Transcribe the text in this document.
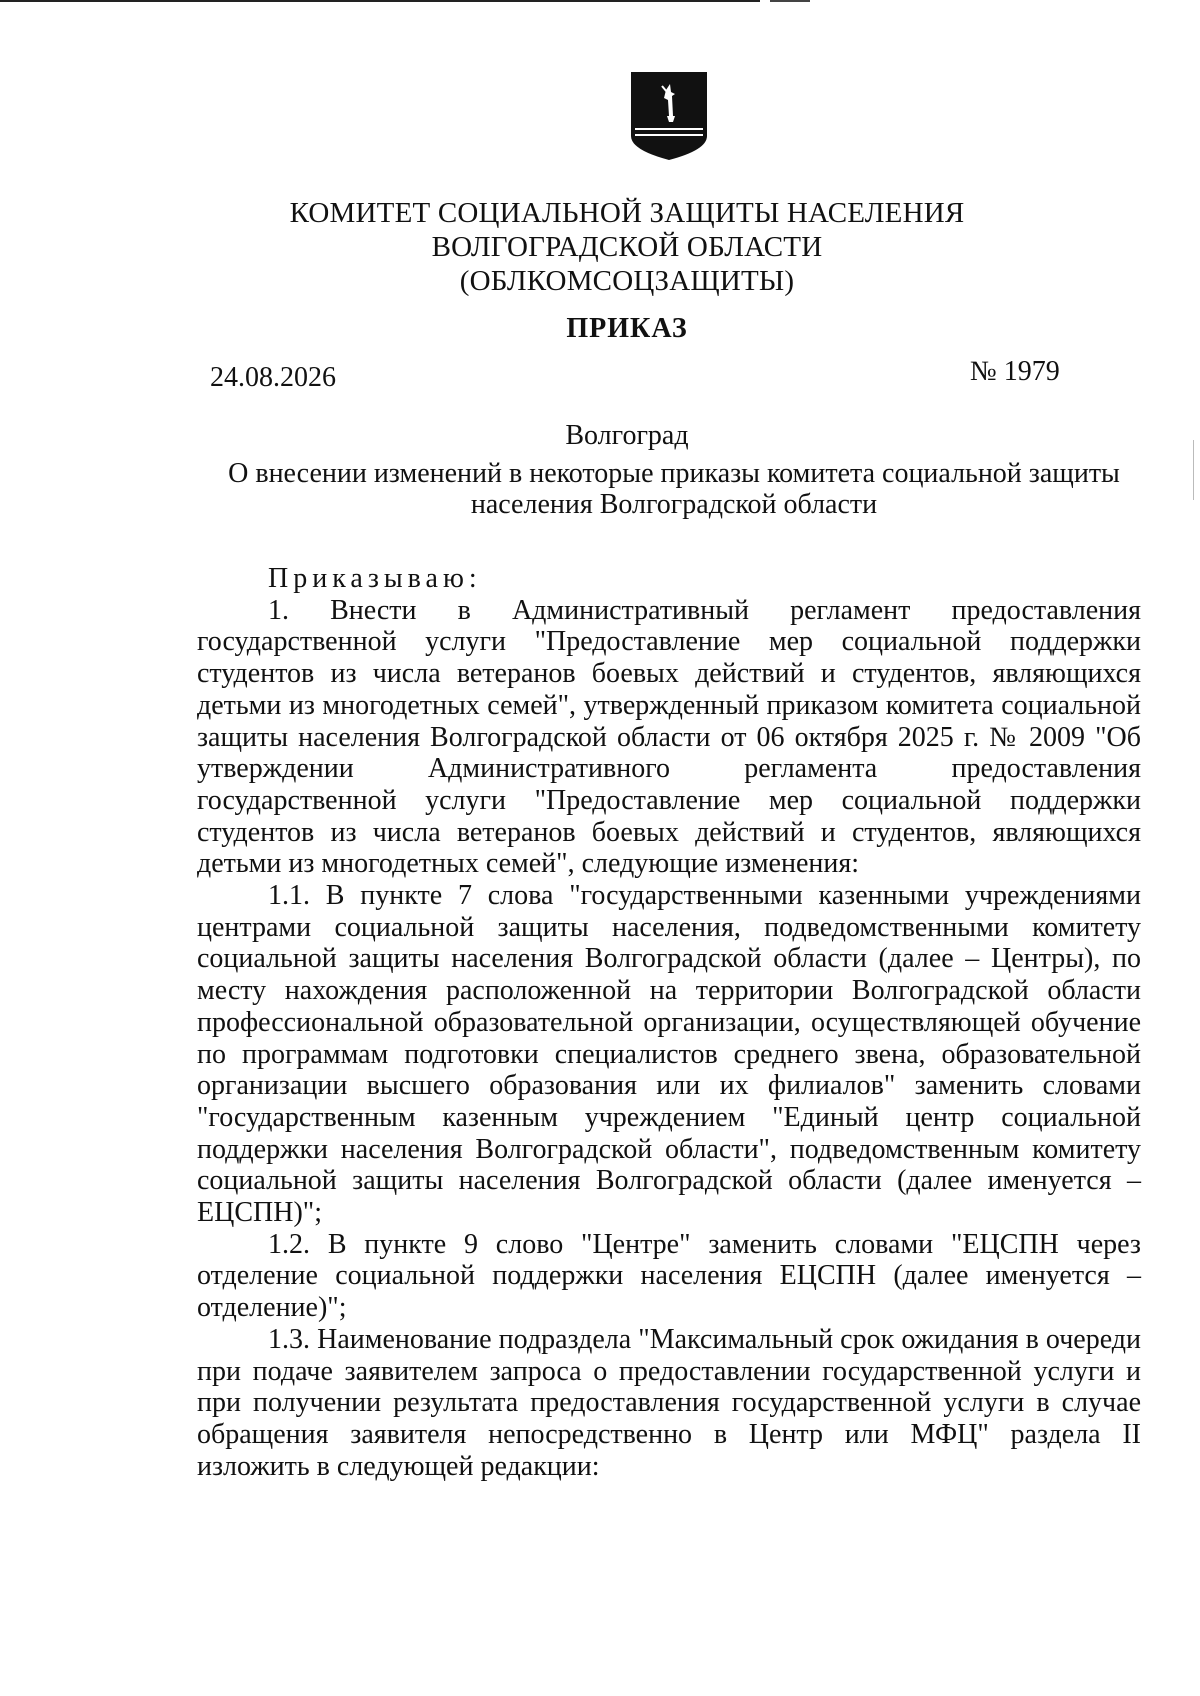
КОМИТЕТ СОЦИАЛЬНОЙ ЗАЩИТЫ НАСЕЛЕНИЯ
ВОЛГОГРАДСКОЙ ОБЛАСТИ
(ОБЛКОМСОЦЗАЩИТЫ)
ПРИКАЗ
24.08.2026	№ 1979
Волгоград
О внесении изменений в некоторые приказы комитета социальной защиты населения Волгоградской области

Приказываю:

1. Внести в Административный регламент предоставления государственной услуги "Предоставление мер социальной поддержки студентов из числа ветеранов боевых действий и студентов, являющихся детьми из многодетных семей", утвержденный приказом комитета социальной защиты населения Волгоградской области от 06 октября 2025 г. № 2009 "Об утверждении Административного регламента предоставления государственной услуги "Предоставление мер социальной поддержки студентов из числа ветеранов боевых действий и студентов, являющихся детьми из многодетных семей", следующие изменения:

1.1. В пункте 7 слова "государственными казенными учреждениями центрами социальной защиты населения, подведомственными комитету социальной защиты населения Волгоградской области (далее – Центры), по месту нахождения расположенной на территории Волгоградской области профессиональной образовательной организации, осуществляющей обучение по программам подготовки специалистов среднего звена, образовательной организации высшего образования или их филиалов" заменить словами "государственным казенным учреждением "Единый центр социальной поддержки населения Волгоградской области", подведомственным комитету социальной защиты населения Волгоградской области (далее именуется – ЕЦСПН)";

1.2. В пункте 9 слово "Центре" заменить словами "ЕЦСПН через отделение социальной поддержки населения ЕЦСПН (далее именуется – отделение)";

1.3. Наименование подраздела "Максимальный срок ожидания в очереди при подаче заявителем запроса о предоставлении государственной услуги и при получении результата предоставления государственной услуги в случае обращения заявителя непосредственно в Центр или МФЦ" раздела II изложить в следующей редакции:
